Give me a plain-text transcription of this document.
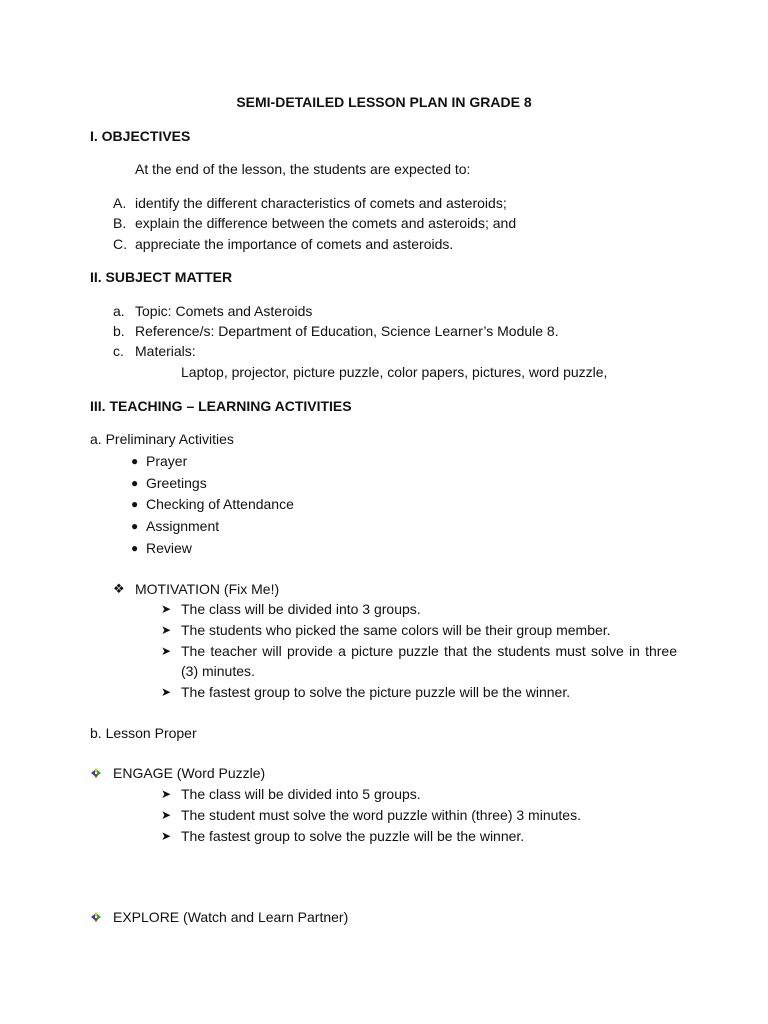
SEMI-DETAILED LESSON PLAN IN GRADE 8
I. OBJECTIVES
At the end of the lesson, the students are expected to:
A. identify the different characteristics of comets and asteroids;
B. explain the difference between the comets and asteroids; and
C. appreciate the importance of comets and asteroids.
II. SUBJECT MATTER
a. Topic: Comets and Asteroids
b. Reference/s: Department of Education, Science Learner’s Module 8.
c. Materials:
Laptop, projector, picture puzzle, color papers, pictures, word puzzle,
III. TEACHING – LEARNING ACTIVITIES
a. Preliminary Activities
● Prayer
● Greetings
● Checking of Attendance
● Assignment
● Review
❖ MOTIVATION (Fix Me!)
➤ The class will be divided into 3 groups.
➤ The students who picked the same colors will be their group member.
➤ The teacher will provide a picture puzzle that the students must solve in three (3) minutes.
➤ The fastest group to solve the picture puzzle will be the winner.
b. Lesson Proper
ENGAGE (Word Puzzle)
➤ The class will be divided into 5 groups.
➤ The student must solve the word puzzle within (three) 3 minutes.
➤ The fastest group to solve the puzzle will be the winner.
EXPLORE (Watch and Learn Partner)
